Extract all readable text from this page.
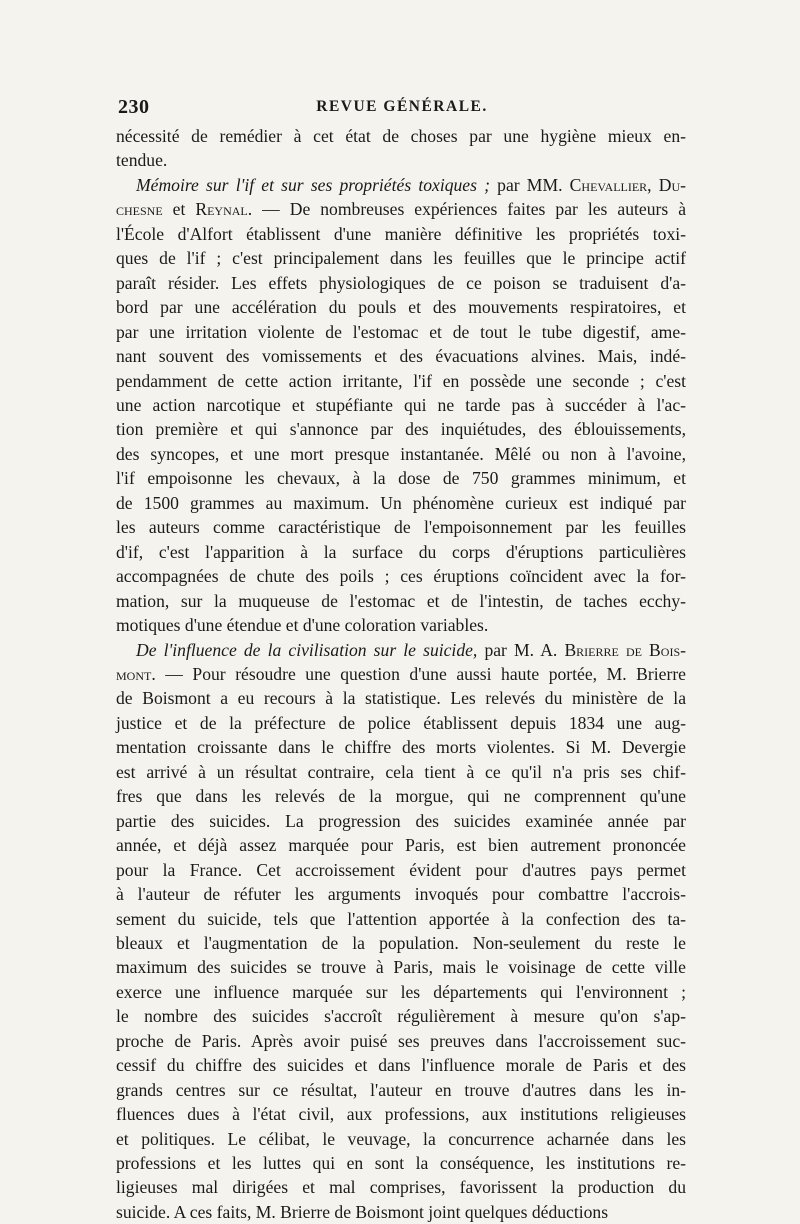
230	REVUE GÉNÉRALE.
nécessité de remédier à cet état de choses par une hygiène mieux en-
tendue.
Mémoire sur l'if et sur ses propriétés toxiques ; par MM. Chevallier, Du-
chesne et Reynal. — De nombreuses expériences faites par les auteurs à
l'École d'Alfort établissent d'une manière définitive les propriétés toxi-
ques de l'if ; c'est principalement dans les feuilles que le principe actif
paraît résider. Les effets physiologiques de ce poison se traduisent d'a-
bord par une accélération du pouls et des mouvements respiratoires, et
par une irritation violente de l'estomac et de tout le tube digestif, ame-
nant souvent des vomissements et des évacuations alvines. Mais, indé-
pendamment de cette action irritante, l'if en possède une seconde ; c'est
une action narcotique et stupéfiante qui ne tarde pas à succéder à l'ac-
tion première et qui s'annonce par des inquiétudes, des éblouissements,
des syncopes, et une mort presque instantanée. Mêlé ou non à l'avoine,
l'if empoisonne les chevaux, à la dose de 750 grammes minimum, et
de 1500 grammes au maximum. Un phénomène curieux est indiqué par
les auteurs comme caractéristique de l'empoisonnement par les feuilles
d'if, c'est l'apparition à la surface du corps d'éruptions particulières
accompagnées de chute des poils ; ces éruptions coïncident avec la for-
mation, sur la muqueuse de l'estomac et de l'intestin, de taches ecchy-
motiques d'une étendue et d'une coloration variables.
De l'influence de la civilisation sur le suicide, par M. A. Brierre de Bois-
mont. — Pour résoudre une question d'une aussi haute portée, M. Brierre
de Boismont a eu recours à la statistique. Les relevés du ministère de la
justice et de la préfecture de police établissent depuis 1834 une aug-
mentation croissante dans le chiffre des morts violentes. Si M. Devergie
est arrivé à un résultat contraire, cela tient à ce qu'il n'a pris ses chif-
fres que dans les relevés de la morgue, qui ne comprennent qu'une
partie des suicides. La progression des suicides examinée année par
année, et déjà assez marquée pour Paris, est bien autrement prononcée
pour la France. Cet accroissement évident pour d'autres pays permet
à l'auteur de réfuter les arguments invoqués pour combattre l'accrois-
sement du suicide, tels que l'attention apportée à la confection des ta-
bleaux et l'augmentation de la population. Non-seulement du reste le
maximum des suicides se trouve à Paris, mais le voisinage de cette ville
exerce une influence marquée sur les départements qui l'environnent ;
le nombre des suicides s'accroît régulièrement à mesure qu'on s'ap-
proche de Paris. Après avoir puisé ses preuves dans l'accroissement suc-
cessif du chiffre des suicides et dans l'influence morale de Paris et des
grands centres sur ce résultat, l'auteur en trouve d'autres dans les in-
fluences dues à l'état civil, aux professions, aux institutions religieuses
et politiques. Le célibat, le veuvage, la concurrence acharnée dans les
professions et les luttes qui en sont la conséquence, les institutions re-
ligieuses mal dirigées et mal comprises, favorissent la production du
suicide. A ces faits, M. Brierre de Boismont joint quelques déductions
